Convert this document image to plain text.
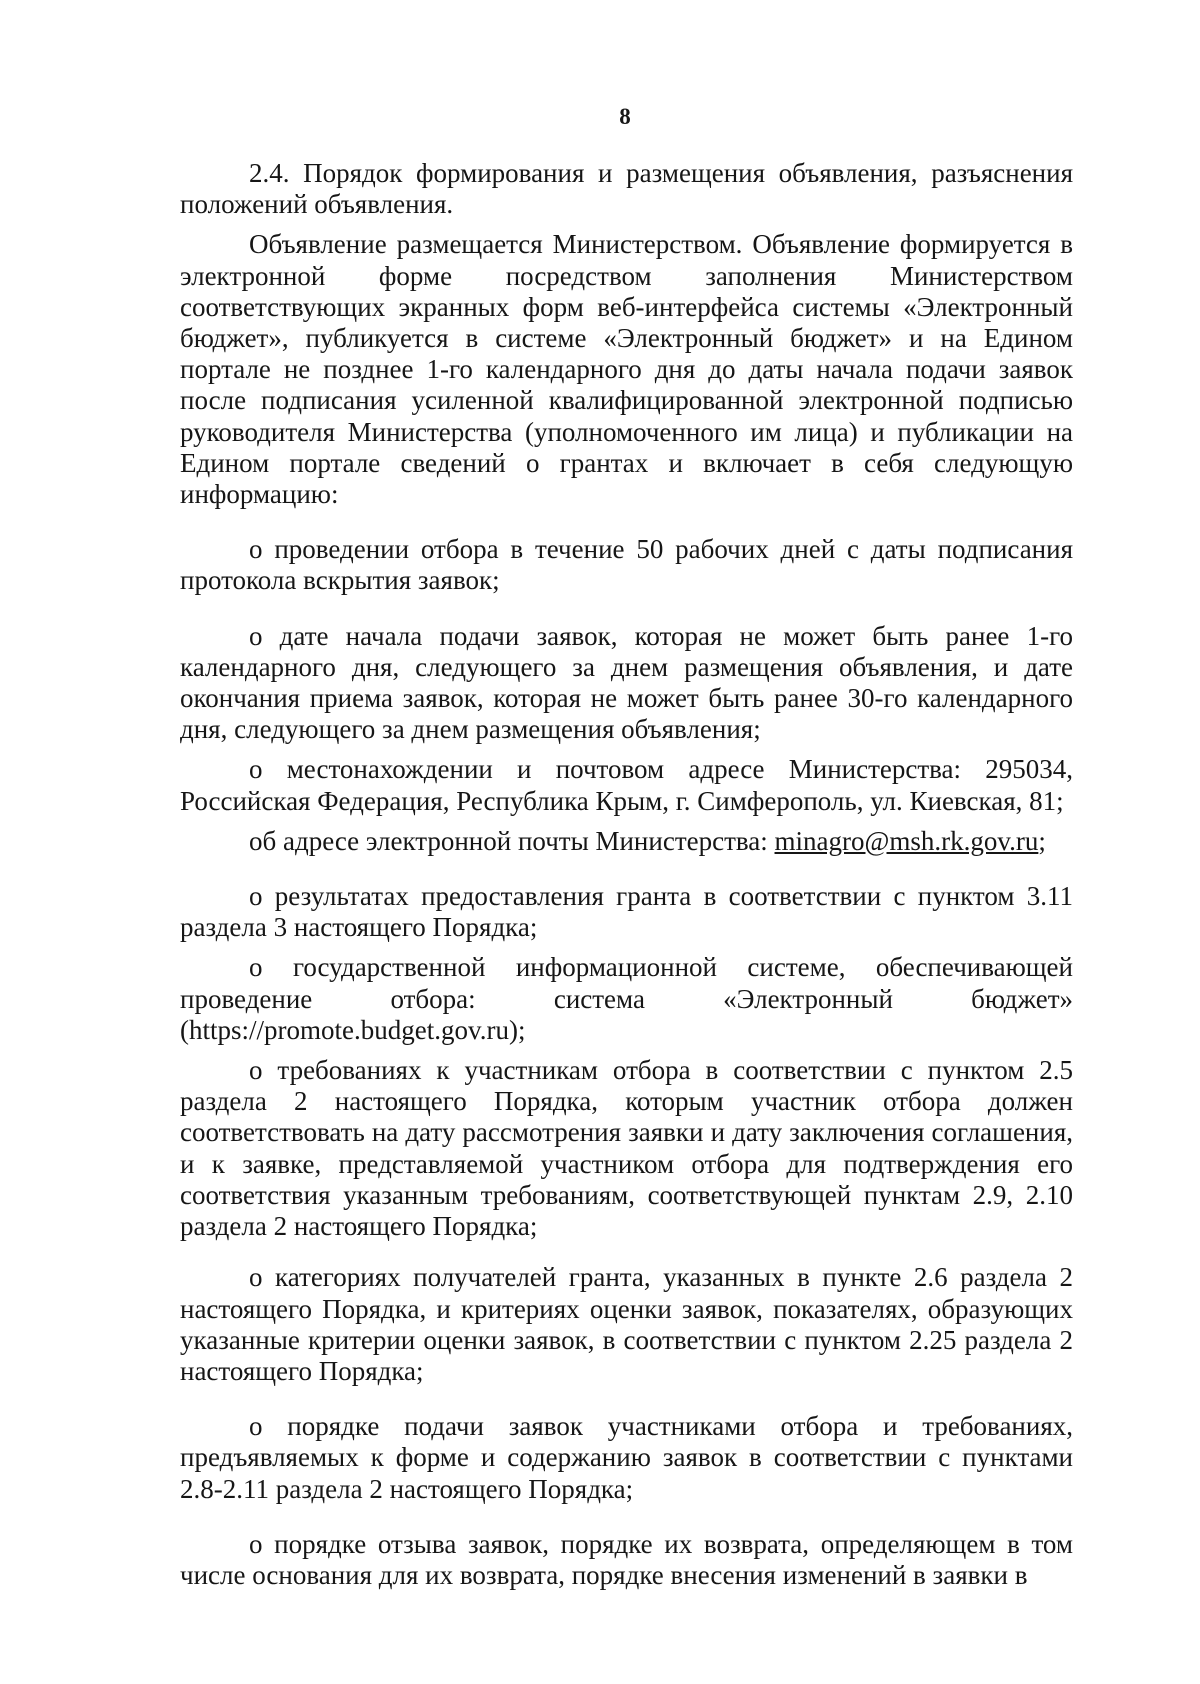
8

2.4. Порядок формирования и размещения объявления, разъяснения положений объявления.

Объявление размещается Министерством. Объявление формируется в электронной форме посредством заполнения Министерством соответствующих экранных форм веб-интерфейса системы «Электронный бюджет», публикуется в системе «Электронный бюджет» и на Едином портале не позднее 1-го календарного дня до даты начала подачи заявок после подписания усиленной квалифицированной электронной подписью руководителя Министерства (уполномоченного им лица) и публикации на Едином портале сведений о грантах и включает в себя следующую информацию:

о проведении отбора в течение 50 рабочих дней с даты подписания протокола вскрытия заявок;

о дате начала подачи заявок, которая не может быть ранее 1-го календарного дня, следующего за днем размещения объявления, и дате окончания приема заявок, которая не может быть ранее 30-го календарного дня, следующего за днем размещения объявления;

о местонахождении и почтовом адресе Министерства: 295034, Российская Федерация, Республика Крым, г. Симферополь, ул. Киевская, 81;

об адресе электронной почты Министерства: minagro@msh.rk.gov.ru;

о результатах предоставления гранта в соответствии с пунктом 3.11 раздела 3 настоящего Порядка;

о государственной информационной системе, обеспечивающей проведение отбора: система «Электронный бюджет» (https://promote.budget.gov.ru);

о требованиях к участникам отбора в соответствии с пунктом 2.5 раздела 2 настоящего Порядка, которым участник отбора должен соответствовать на дату рассмотрения заявки и дату заключения соглашения, и к заявке, представляемой участником отбора для подтверждения его соответствия указанным требованиям, соответствующей пунктам 2.9, 2.10 раздела 2 настоящего Порядка;

о категориях получателей гранта, указанных в пункте 2.6 раздела 2 настоящего Порядка, и критериях оценки заявок, показателях, образующих указанные критерии оценки заявок, в соответствии с пунктом 2.25 раздела 2 настоящего Порядка;

о порядке подачи заявок участниками отбора и требованиях, предъявляемых к форме и содержанию заявок в соответствии с пунктами 2.8-2.11 раздела 2 настоящего Порядка;

о порядке отзыва заявок, порядке их возврата, определяющем в том числе основания для их возврата, порядке внесения изменений в заявки в
